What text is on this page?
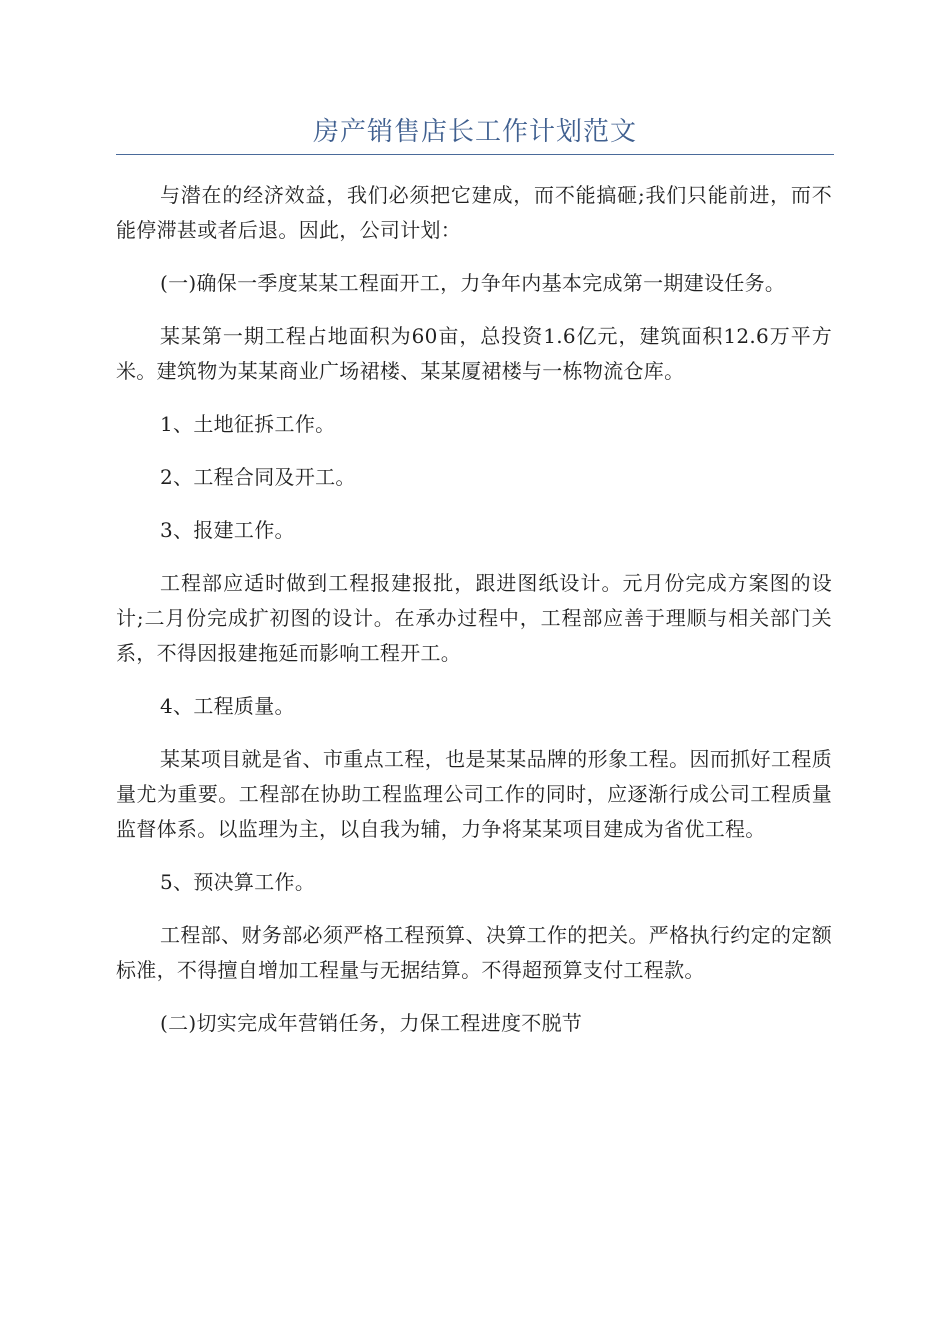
房产销售店长工作计划范文

与潜在的经济效益，我们必须把它建成，而不能搞砸;我们只能前进，而不能停滞甚或者后退。因此，公司计划：

(一)确保一季度某某工程面开工，力争年内基本完成第一期建设任务。

某某第一期工程占地面积为60亩，总投资1.6亿元，建筑面积12.6万平方米。建筑物为某某商业广场裙楼、某某厦裙楼与一栋物流仓库。

1、土地征拆工作。

2、工程合同及开工。

3、报建工作。

工程部应适时做到工程报建报批，跟进图纸设计。元月份完成方案图的设计;二月份完成扩初图的设计。在承办过程中，工程部应善于理顺与相关部门关系，不得因报建拖延而影响工程开工。

4、工程质量。

某某项目就是省、市重点工程，也是某某品牌的形象工程。因而抓好工程质量尤为重要。工程部在协助工程监理公司工作的同时，应逐渐行成公司工程质量监督体系。以监理为主，以自我为辅，力争将某某项目建成为省优工程。

5、预决算工作。

工程部、财务部必须严格工程预算、决算工作的把关。严格执行约定的定额标准，不得擅自增加工程量与无据结算。不得超预算支付工程款。

(二)切实完成年营销任务，力保工程进度不脱节
